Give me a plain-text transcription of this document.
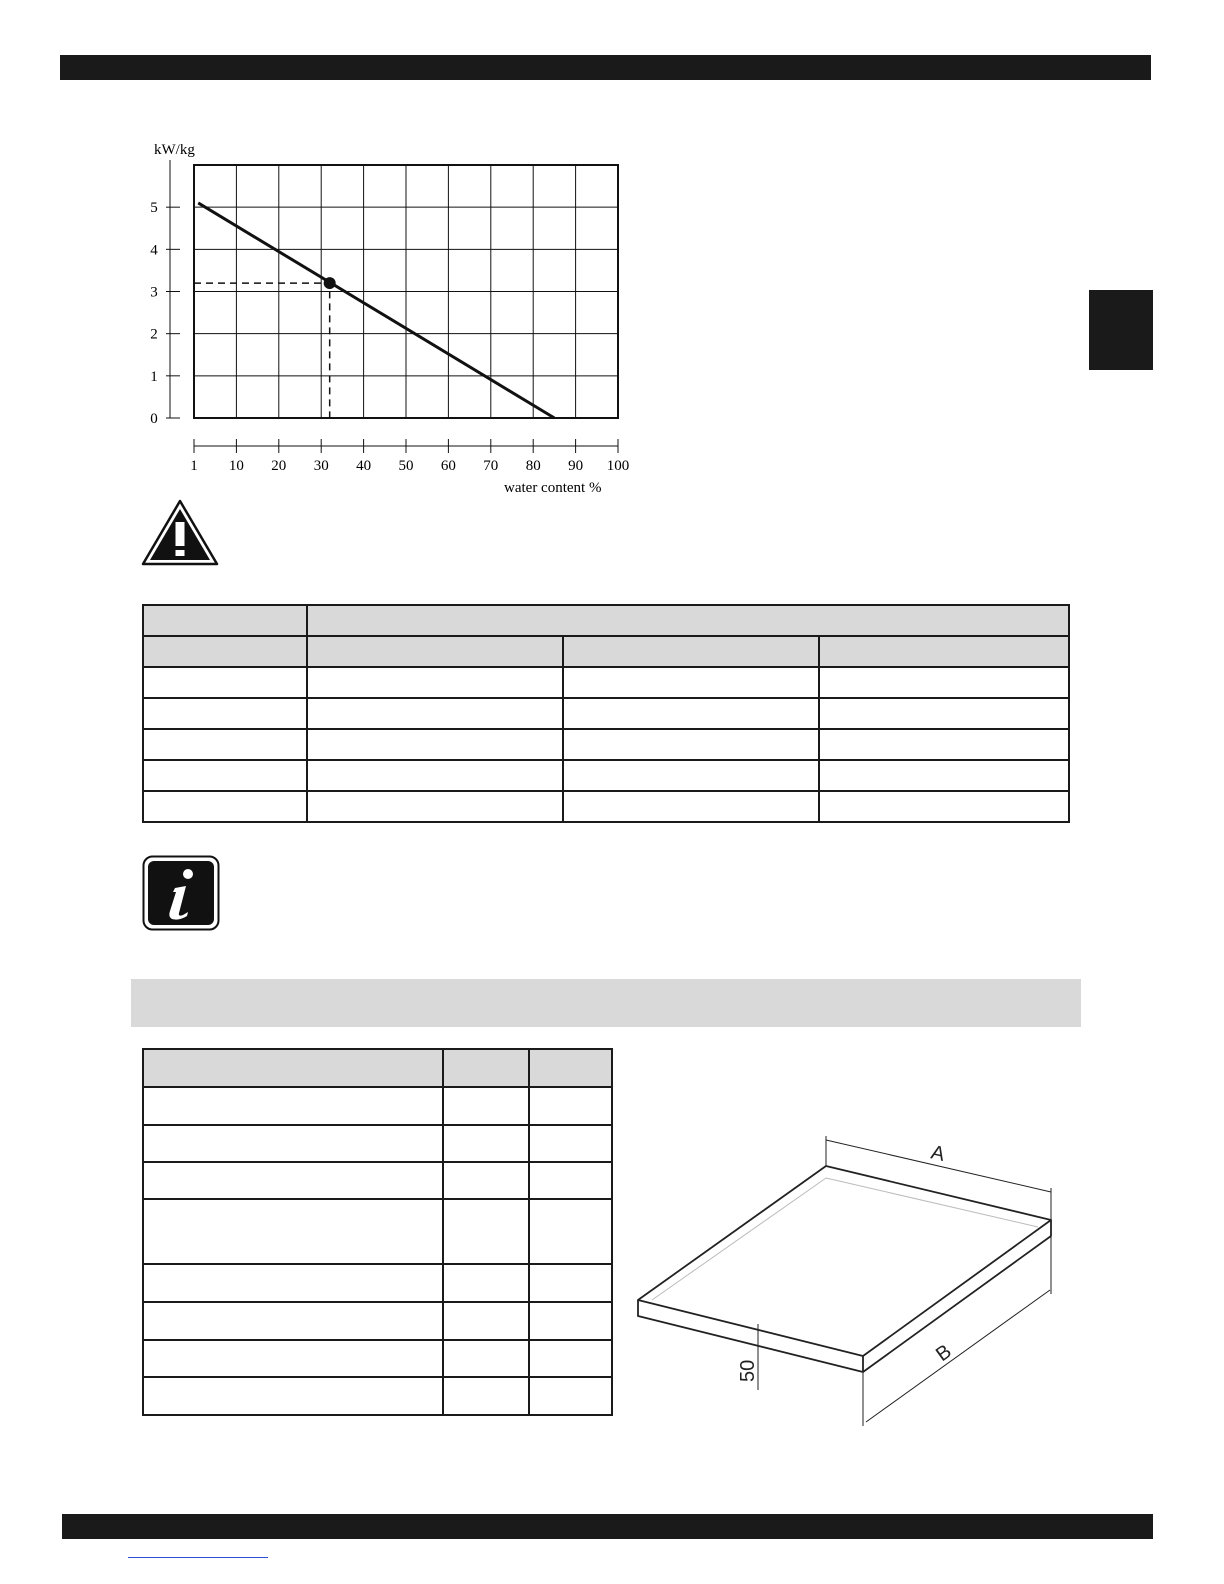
0
1
2
3
4
5
1 10 20 30 40 50 60 70 80 90 100
kW/kg
water content %

A
B
50
